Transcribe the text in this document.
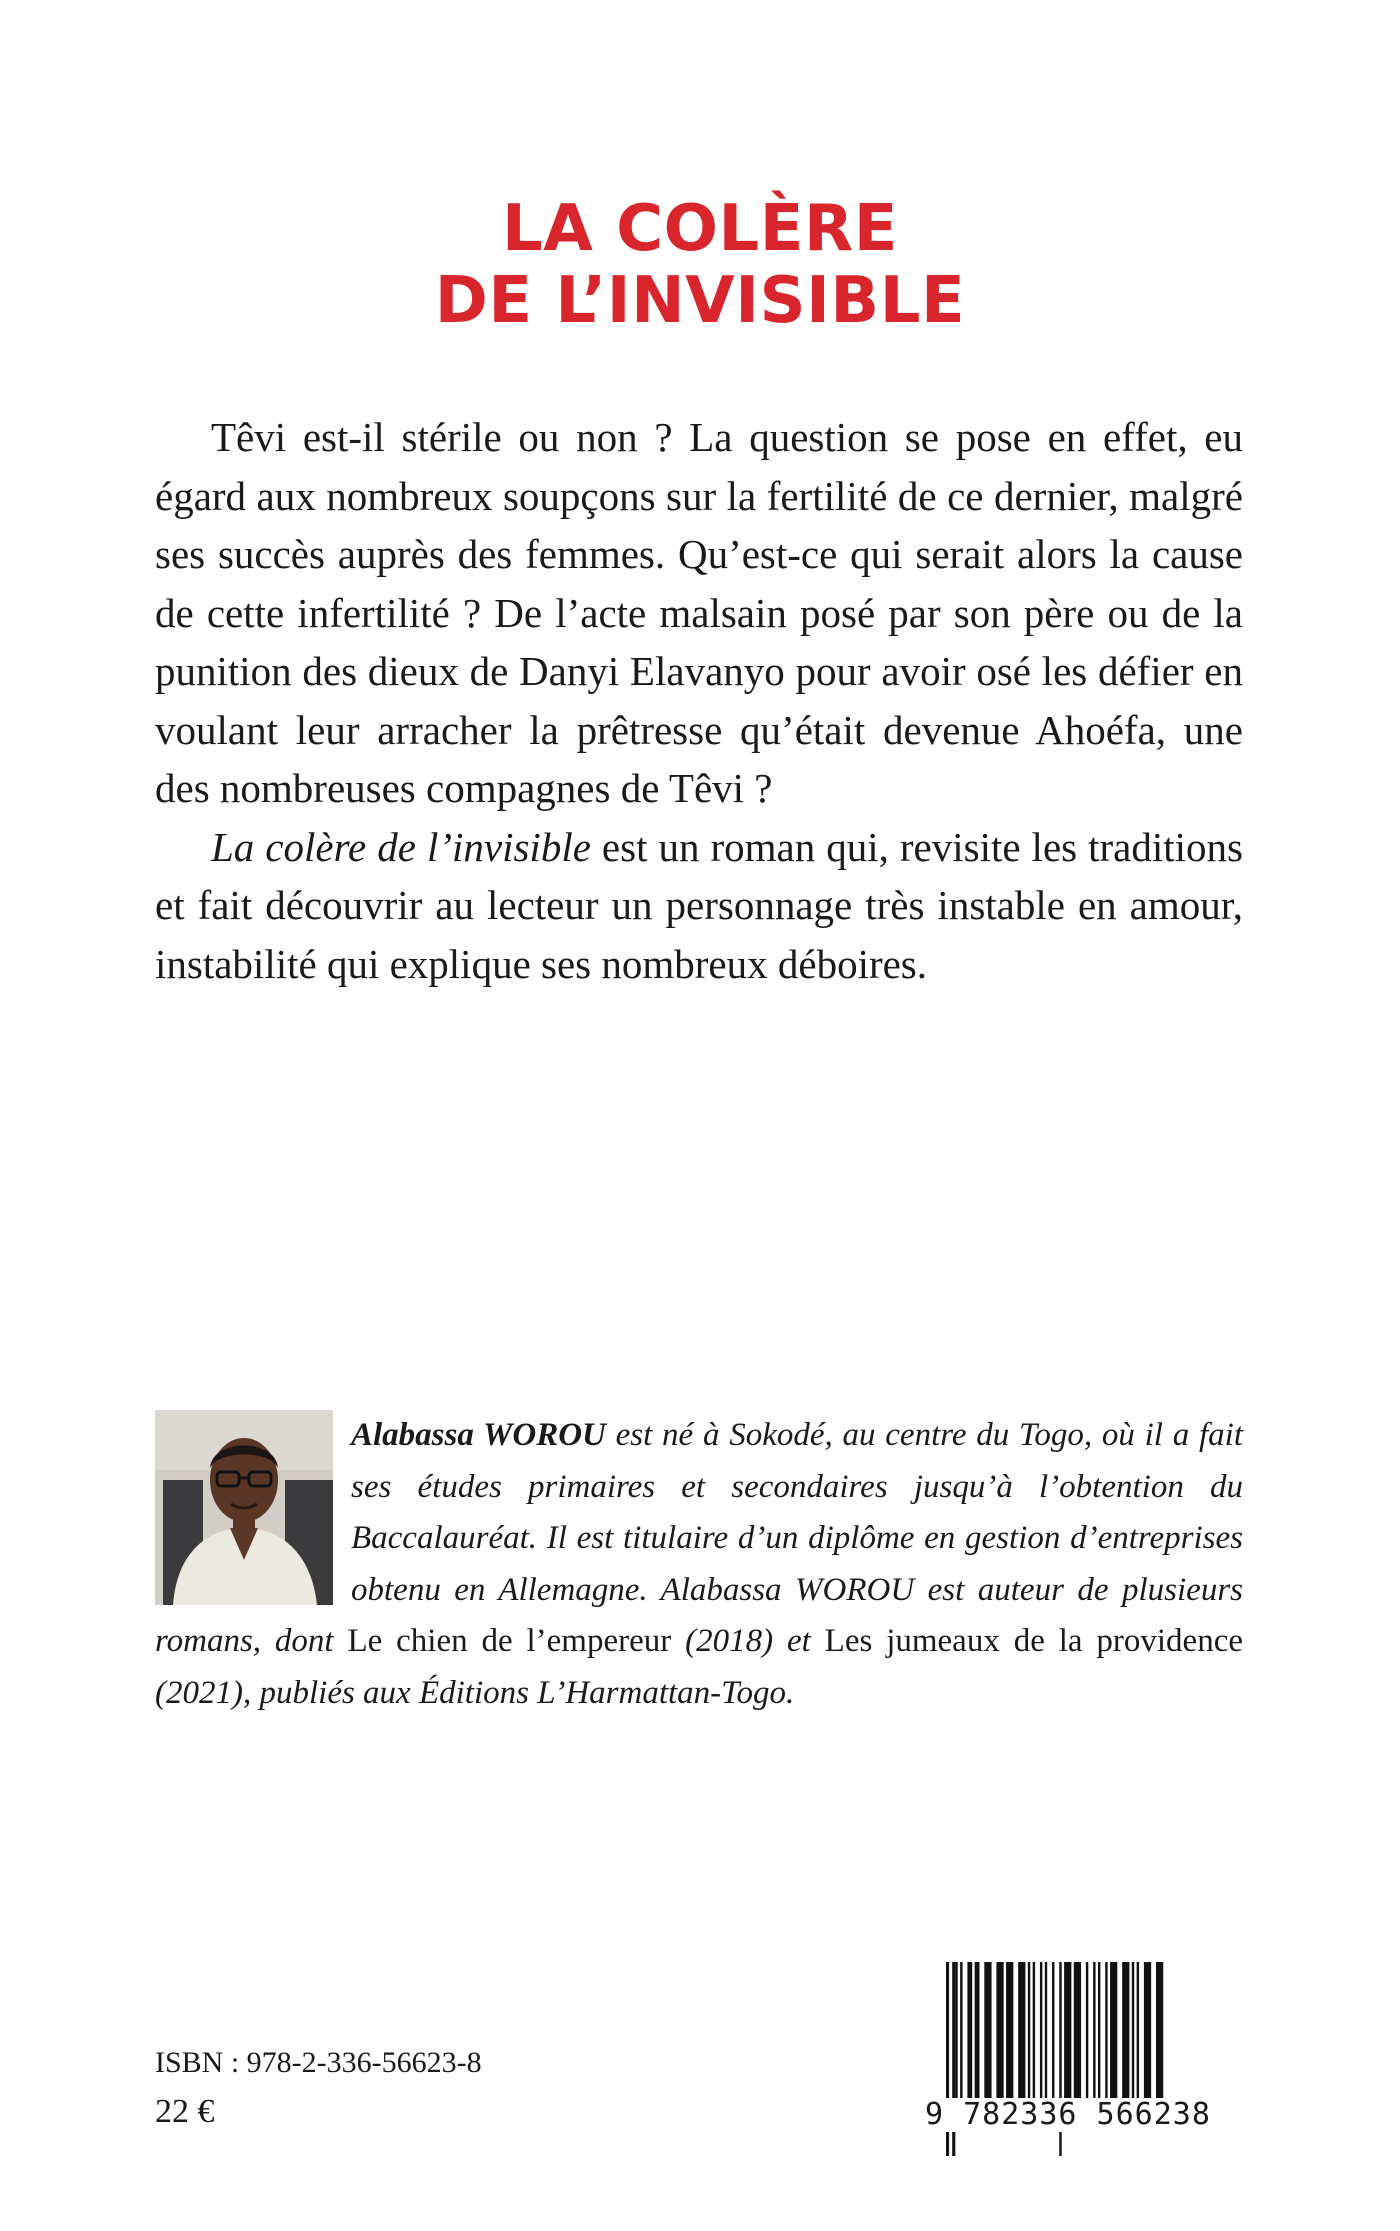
LA COLÈRE
DE L’INVISIBLE

Têvi est-il stérile ou non ? La question se pose en effet, eu égard aux nombreux soupçons sur la fertilité de ce dernier, malgré ses succès auprès des femmes. Qu’est-ce qui serait alors la cause de cette infertilité ? De l’acte malsain posé par son père ou de la punition des dieux de Danyi Elavanyo pour avoir osé les défier en voulant leur arracher la prêtresse qu’était devenue Ahoéfa, une des nombreuses compagnes de Têvi ?

La colère de l’invisible est un roman qui, revisite les traditions et fait découvrir au lecteur un personnage très instable en amour, instabilité qui explique ses nombreux déboires.

Alabassa WOROU est né à Sokodé, au centre du Togo, où il a fait ses études primaires et secondaires jusqu’à l’obtention du Baccalauréat. Il est titulaire d’un diplôme en gestion d’entreprises obtenu en Allemagne. Alabassa WOROU est auteur de plusieurs romans, dont Le chien de l’empereur (2018) et Les jumeaux de la providence (2021), publiés aux Éditions L’Harmattan-Togo.
ISBN : 978-2-336-56623-8
22 €	9 782336 566238
